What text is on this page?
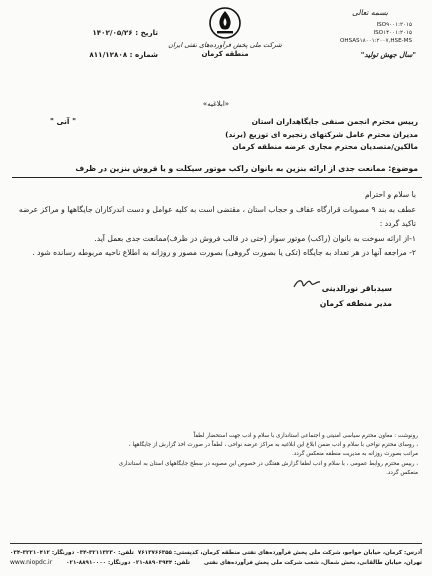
بسمه تعالی
ISO۹۰۰۱:۲۰۱۵
ISO۱۴۰۰۱:۲۰۱۵
OHSAS۱۸۰۰۱:۲۰۰۷,HSE-MS
"سال جهش تولید"
شرکت ملی پخش فرآورده‌های نفتی ایران
منطقه کرمان
تاریخ : ۱۴۰۲/۰۵/۲۶
شماره : ۸۱۱/۱۲۸۰۸
«ابلاغیه»
" آنی "	رییس محترم انجمن صنفی جایگاهداران استان
مدیران محترم عامل شرکتهای زنجیره ای توزیع (برند)
مالکین/متصدیان محترم مجاری عرضه منطقه کرمان
موضوع: ممانعت جدی از ارائه بنزین به بانوان راکب موتور سیکلت و یا فروش بنزین در ظرف

با سلام و احترام

عطف به بند ۹ مصوبات قرارگاه عفاف و حجاب استان ، مقتضی است به کلیه عوامل و دست اندرکاران جایگاهها و مراکز عرضه تاکید گردد :

۱-از ارائه سوخت به بانوان (راکب) موتور سوار (حتی در قالب فروش در ظرف)ممانعت جدی بعمل آید.

۲- مراجعه آنها در هر تعداد به جایگاه (تکی یا بصورت گروهی) بصورت مصور و روزانه به اطلاع ناحیه مربوطه رسانده شود .

سیدباقر نورالدینی
مدیر منطقه کرمان

رونوشت : معاون محترم سیاسی امنیتی و اجتماعی استانداری با سلام و ادب جهت استحضار لطفاً

، روسای محترم نواحی با سلام و ادب ضمن ابلاغ این ابلاغیه به مراکز عرضه نواحی ، لطفاً در صورت اخذ گزارش از جایگاهها ،

مراتب بصورت روزانه به مدیریت منطقه منعکس گردد.

، رییس محترم روابط عمومی ، با سلام و ادب لطفا گزارش هفتگی در خصوص این مصوبه در سطح جایگاههای استان به استانداری

منعکس گردد.

آدرس: کرمان، خیابان خواجو، شرکت ملی پخش فرآورده‌های نفتی منطقه کرمان، کدپستی: ۷۶۱۳۷۶۶۳۵۵
تلفن: ۳۲۱۱۳۲۳۰-۰۳۴ دورنگار: ۳۲۲۱۰۴۱۲-۰۳۴
تهران، خیابان طالقانی، بخش شمال، شعب شرکت ملی پخش فرآورده‌های نفتی
تلفن: ۸۸۹۰۳۹۴۴-۰۲۱ دورنگار: ۸۸۹۱۰۰۰۰-۰۲۱
www.niopdc.ir
